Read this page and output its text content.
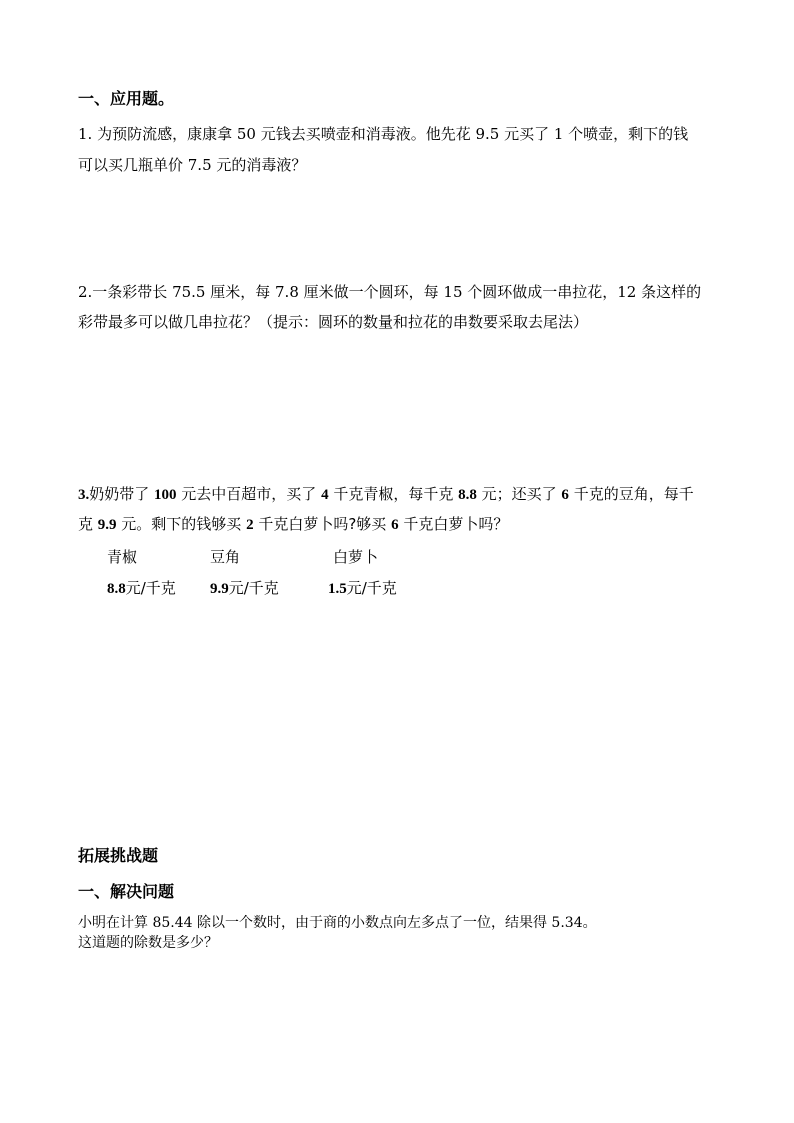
一、应用题。
1. 为预防流感，康康拿 50 元钱去买喷壶和消毒液。他先花 9.5 元买了 1 个喷壶，剩下的钱
可以买几瓶单价 7.5 元的消毒液？
2.一条彩带长 75.5 厘米，每 7.8 厘米做一个圆环，每 15 个圆环做成一串拉花，12 条这样的
彩带最多可以做几串拉花？（提示：圆环的数量和拉花的串数要采取去尾法）
3.奶奶带了 100 元去中百超市，买了 4 千克青椒，每千克 8.8 元；还买了 6 千克的豆角，每千
克 9.9 元。剩下的钱够买 2 千克白萝卜吗?够买 6 千克白萝卜吗？
青椒	豆角	白萝卜
8.8元/千克 9.9元/千克	1.5元/千克
拓展挑战题
一、解决问题
小明在计算 85.44 除以一个数时，由于商的小数点向左多点了一位，结果得 5.34。
这道题的除数是多少？
